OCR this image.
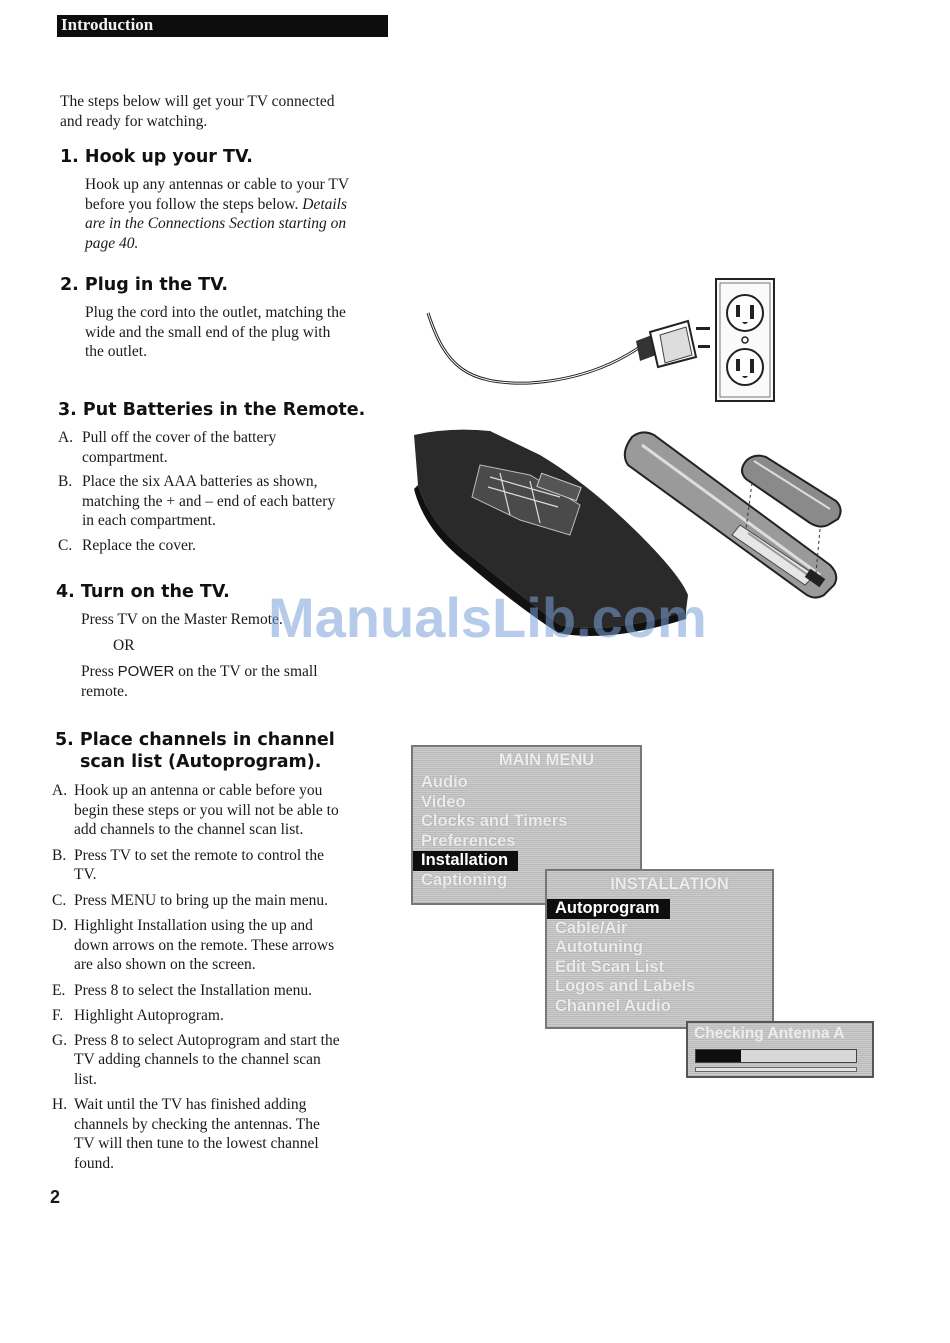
Introduction
The steps below will get your TV connected
and ready for watching.
1. Hook up your TV.
Hook up any antennas or cable to your TV
before you follow the steps below. Details
are in the Connections Section starting on
page 40.
2. Plug in the TV.
Plug the cord into the outlet, matching the
wide and the small end of the plug with
the outlet.
3. Put Batteries in the Remote.
A. Pull off the cover of the battery
compartment.
B. Place the six AAA batteries as shown,
matching the + and – end of each battery
in each compartment.
C. Replace the cover.
4. Turn on the TV.
Press TV on the Master Remote.
OR
Press POWER on the TV or the small
remote.
5. Place channels in channel
scan list (Autoprogram).
A. Hook up an antenna or cable before you
begin these steps or you will not be able to
add channels to the channel scan list.
B. Press TV to set the remote to control the
TV.
C. Press MENU to bring up the main menu.
D. Highlight Installation using the up and
down arrows on the remote. These arrows
are also shown on the screen.
E. Press 8 to select the Installation menu.
F. Highlight Autoprogram.
G. Press 8 to select Autoprogram and start the
TV adding channels to the channel scan
list.
H. Wait until the TV has finished adding
channels by checking the antennas. The
TV will then tune to the lowest channel
found.
MAIN MENU
Audio
Video
Clocks and Timers
Preferences
Installation
Captioning	INSTALLATION
Autoprogram
Cable/Air
Autotuning
Edit Scan List
Logos and Labels
Channel Audio
Checking Antenna A
ManualsLib.com
2
